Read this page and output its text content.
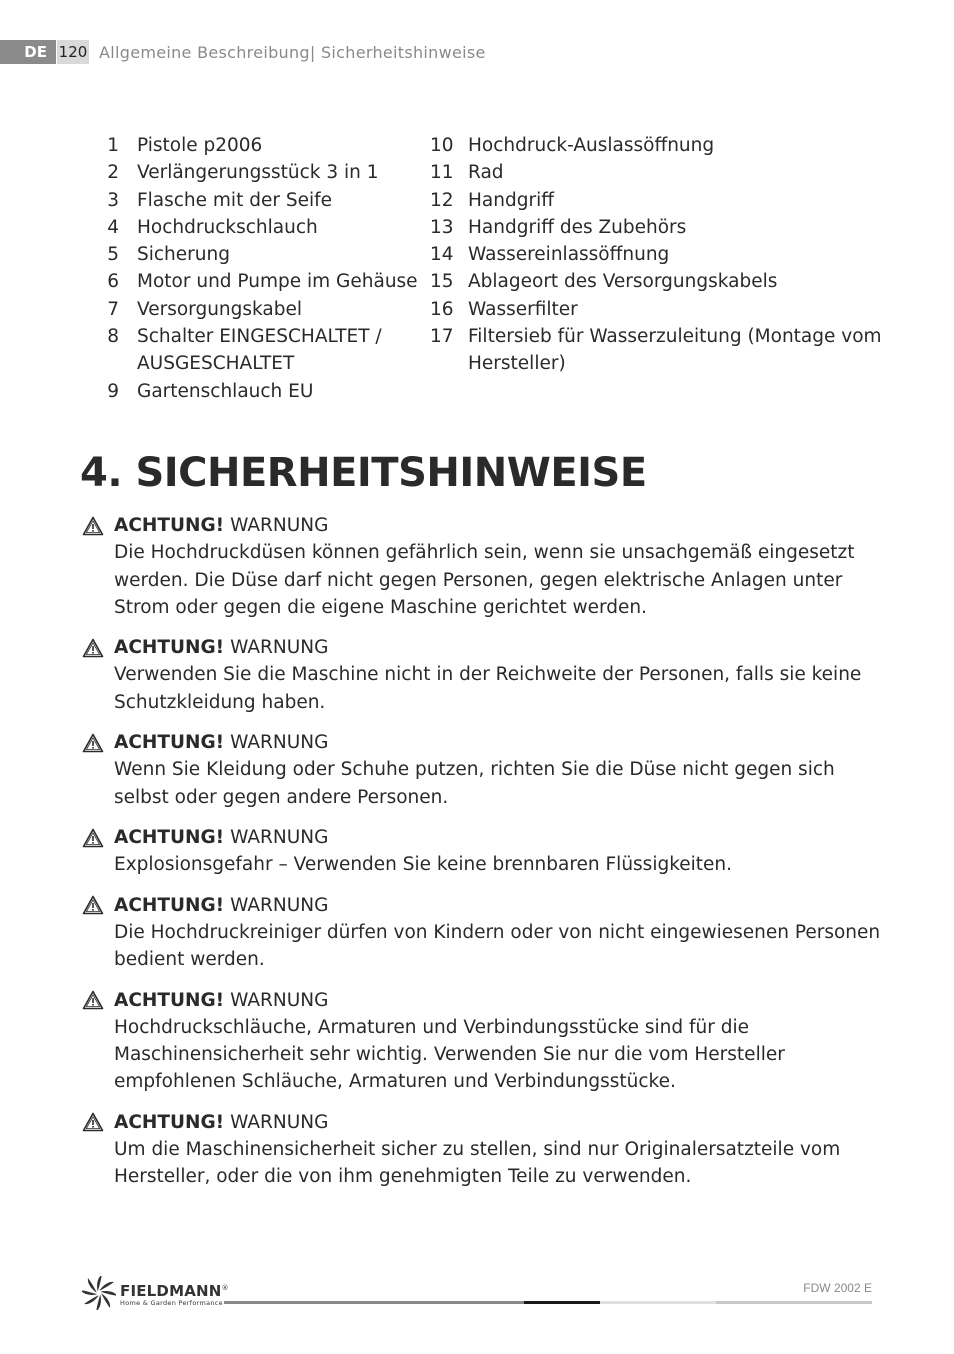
DE 120 Allgemeine Beschreibung| Sicherheitshinweise
1 Pistole p2006
2 Verlängerungsstück 3 in 1
3 Flasche mit der Seife
4 Hochdruckschlauch
5 Sicherung
6 Motor und Pumpe im Gehäuse
7 Versorgungskabel
8 Schalter EINGESCHALTET / AUSGESCHALTET
9 Gartenschlauch EU
10 Hochdruck-Auslassöffnung
11 Rad
12 Handgriff
13 Handgriff des Zubehörs
14 Wassereinlassöffnung
15 Ablageort des Versorgungskabels
16 Wasserfilter
17 Filtersieb für Wasserzuleitung (Montage vom Hersteller)
4. SICHERHEITSHINWEISE
ACHTUNG! WARNUNG
Die Hochdruckdüsen können gefährlich sein, wenn sie unsachgemäß eingesetzt werden. Die Düse darf nicht gegen Personen, gegen elektrische Anlagen unter Strom oder gegen die eigene Maschine gerichtet werden.
ACHTUNG! WARNUNG
Verwenden Sie die Maschine nicht in der Reichweite der Personen, falls sie keine Schutzkleidung haben.
ACHTUNG! WARNUNG
Wenn Sie Kleidung oder Schuhe putzen, richten Sie die Düse nicht gegen sich selbst oder gegen andere Personen.
ACHTUNG! WARNUNG
Explosionsgefahr – Verwenden Sie keine brennbaren Flüssigkeiten.
ACHTUNG! WARNUNG
Die Hochdruckreiniger dürfen von Kindern oder von nicht eingewiesenen Personen bedient werden.
ACHTUNG! WARNUNG
Hochdruckschläuche, Armaturen und Verbindungsstücke sind für die Maschinensicherheit sehr wichtig. Verwenden Sie nur die vom Hersteller empfohlenen Schläuche, Armaturen und Verbindungsstücke.
ACHTUNG! WARNUNG
Um die Maschinensicherheit sicher zu stellen, sind nur Originalersatzteile vom Hersteller, oder die von ihm genehmigten Teile zu verwenden.
FIELDMANN®
Home & Garden Performance
FDW 2002 E
